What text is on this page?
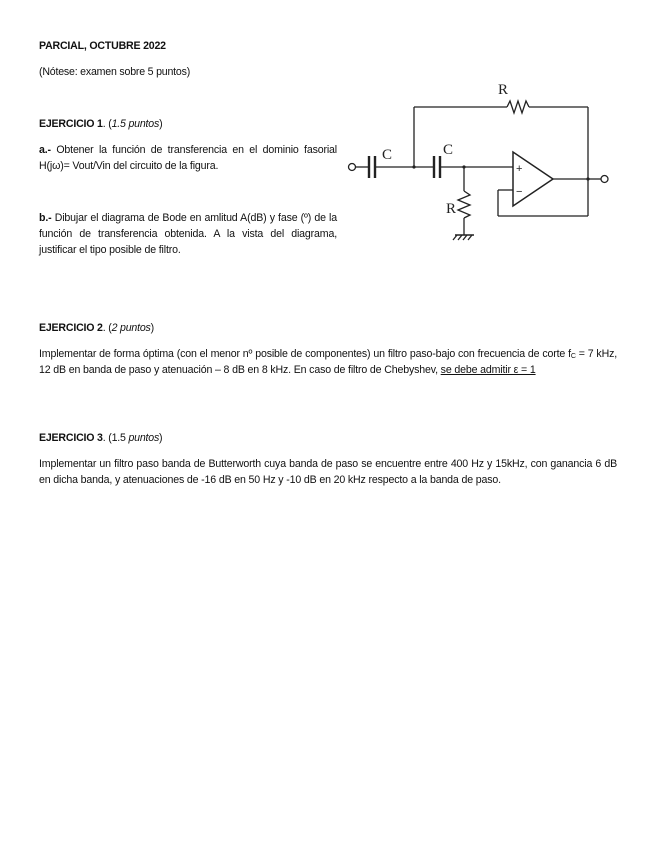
PARCIAL, OCTUBRE 2022
(Nótese: examen sobre 5 puntos)
EJERCICIO 1. (1.5 puntos)
a.- Obtener la función de transferencia en el dominio fasorial H(jω)= Vout/Vin del circuito de la figura.
b.- Dibujar el diagrama de Bode en amlitud A(dB) y fase (º) de la función de transferencia obtenida. A la vista del diagrama, justificar el tipo posible de filtro.
R
C	C
R
+
−
EJERCICIO 2. (2 puntos)
Implementar de forma óptima (con el menor nº posible de componentes) un filtro paso-bajo con frecuencia de corte $f_C = 7$ kHz, 12 dB en banda de paso y atenuación – 8 dB en 8 kHz. En caso de filtro de Chebyshev, se debe admitir ε = 1
EJERCICIO 3. (1.5 puntos)
Implementar un filtro paso banda de Butterworth cuya banda de paso se encuentre entre 400 Hz y 15kHz, con ganancia 6 dB en dicha banda, y atenuaciones de -16 dB en 50 Hz y -10 dB en 20 kHz respecto a la banda de paso.
